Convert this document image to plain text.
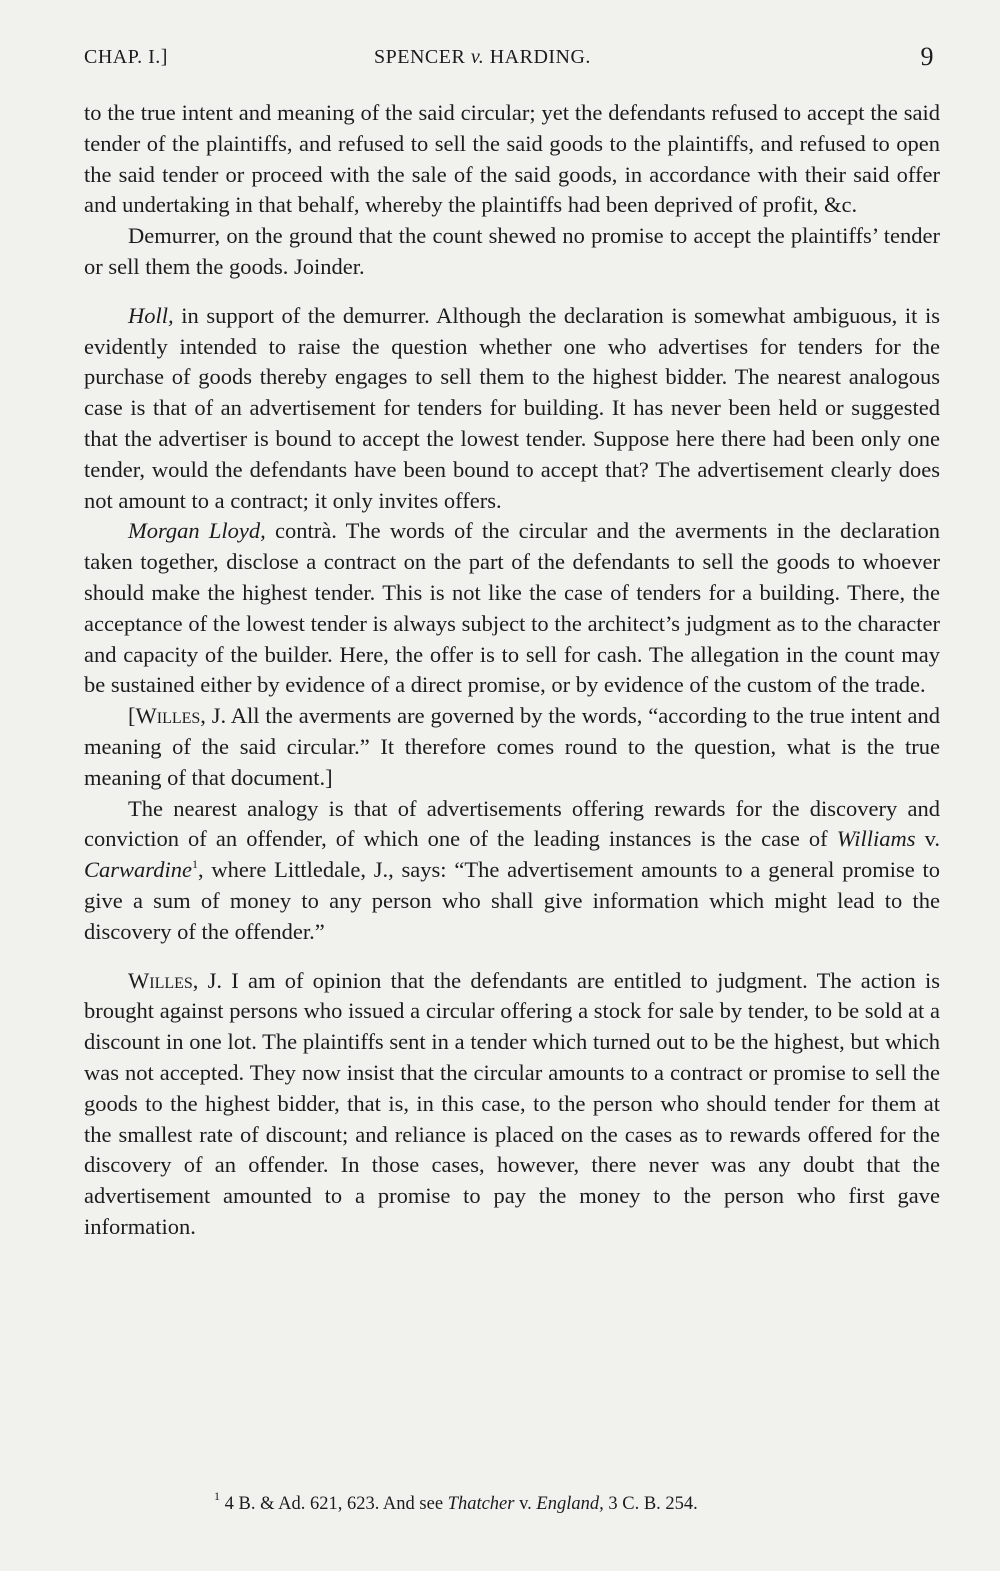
CHAP. I.]	SPENCER v. HARDING.	9

to the true intent and meaning of the said circular; yet the defendants refused to accept the said tender of the plaintiffs, and refused to sell the said goods to the plaintiffs, and refused to open the said tender or proceed with the sale of the said goods, in accordance with their said offer and undertaking in that behalf, whereby the plaintiffs had been deprived of profit, &c.

Demurrer, on the ground that the count shewed no promise to accept the plaintiffs’ tender or sell them the goods. Joinder.

Holl, in support of the demurrer. Although the declaration is somewhat ambiguous, it is evidently intended to raise the question whether one who advertises for tenders for the purchase of goods thereby engages to sell them to the highest bidder. The nearest analogous case is that of an advertisement for tenders for building. It has never been held or suggested that the advertiser is bound to accept the lowest tender. Suppose here there had been only one tender, would the defendants have been bound to accept that? The advertisement clearly does not amount to a contract; it only invites offers.

Morgan Lloyd, contrà. The words of the circular and the averments in the declaration taken together, disclose a contract on the part of the defendants to sell the goods to whoever should make the highest tender. This is not like the case of tenders for a building. There, the acceptance of the lowest tender is always subject to the architect’s judgment as to the character and capacity of the builder. Here, the offer is to sell for cash. The allegation in the count may be sustained either by evidence of a direct promise, or by evidence of the custom of the trade.

[Willes, J. All the averments are governed by the words, “according to the true intent and meaning of the said circular.” It therefore comes round to the question, what is the true meaning of that document.]

The nearest analogy is that of advertisements offering rewards for the discovery and conviction of an offender, of which one of the leading instances is the case of Williams v. Carwardine$^1$, where Littledale, J., says: “The advertisement amounts to a general promise to give a sum of money to any person who shall give information which might lead to the discovery of the offender.”

Willes, J. I am of opinion that the defendants are entitled to judgment. The action is brought against persons who issued a circular offering a stock for sale by tender, to be sold at a discount in one lot. The plaintiffs sent in a tender which turned out to be the highest, but which was not accepted. They now insist that the circular amounts to a contract or promise to sell the goods to the highest bidder, that is, in this case, to the person who should tender for them at the smallest rate of discount; and reliance is placed on the cases as to rewards offered for the discovery of an offender. In those cases, however, there never was any doubt that the advertisement amounted to a promise to pay the money to the person who first gave information.

$^1$ 4 B. & Ad. 621, 623. And see Thatcher v. England, 3 C. B. 254.
